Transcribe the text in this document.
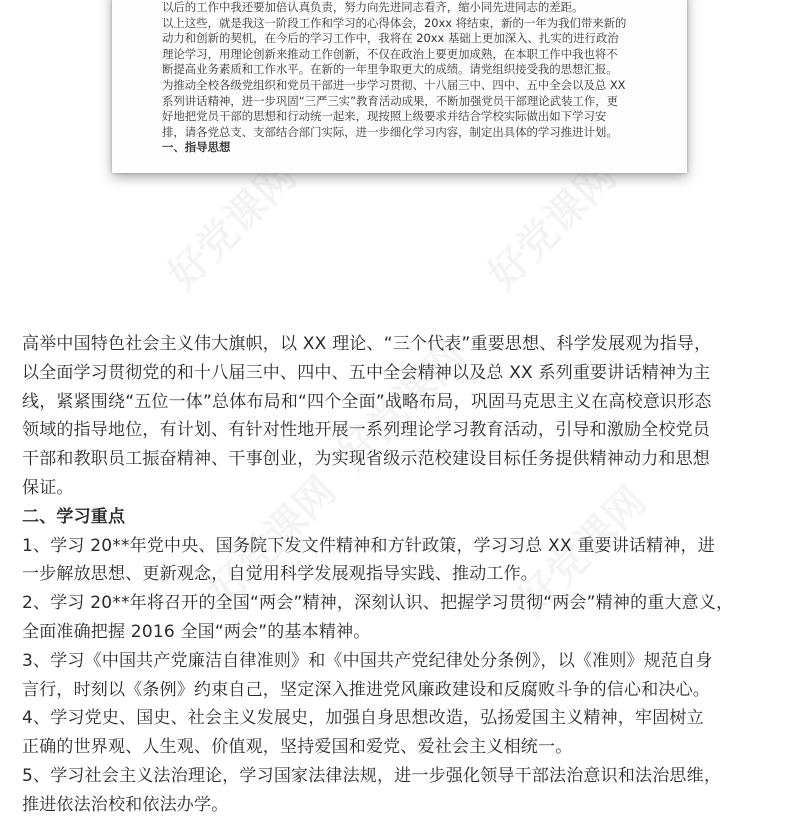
好党课网	好党课网
好党课网
好党课网	好党课网
以后的工作中我还要加倍认真负责，努力向先进同志看齐，缩小同先进同志的差距。
以上这些，就是我这一阶段工作和学习的心得体会，20xx 将结束，新的一年为我们带来新的
动力和创新的契机，在今后的学习工作中，我将在 20xx 基础上更加深入、扎实的进行政治
理论学习，用理论创新来推动工作创新，不仅在政治上要更加成熟，在本职工作中我也将不
断提高业务素质和工作水平。在新的一年里争取更大的成绩。请党组织接受我的思想汇报。
为推动全校各级党组织和党员干部进一步学习贯彻、十八届三中、四中、五中全会以及总 XX
系列讲话精神，进一步巩固“三严三实”教育活动成果，不断加强党员干部理论武装工作，更
好地把党员干部的思想和行动统一起来，现按照上级要求并结合学校实际做出如下学习安
排，请各党总支、支部结合部门实际，进一步细化学习内容，制定出具体的学习推进计划。
一、指导思想
高举中国特色社会主义伟大旗帜，以 XX 理论、“三个代表”重要思想、科学发展观为指导，
以全面学习贯彻党的和十八届三中、四中、五中全会精神以及总 XX 系列重要讲话精神为主
线，紧紧围绕“五位一体”总体布局和“四个全面”战略布局，巩固马克思主义在高校意识形态
领域的指导地位，有计划、有针对性地开展一系列理论学习教育活动，引导和激励全校党员
干部和教职员工振奋精神、干事创业，为实现省级示范校建设目标任务提供精神动力和思想
保证。
二、学习重点
1、学习 20**年党中央、国务院下发文件精神和方针政策，学习习总 XX 重要讲话精神，进
一步解放思想、更新观念，自觉用科学发展观指导实践、推动工作。
2、学习 20**年将召开的全国“两会”精神，深刻认识、把握学习贯彻“两会”精神的重大意义，
全面准确把握 2016 全国“两会”的基本精神。
3、学习《中国共产党廉洁自律准则》和《中国共产党纪律处分条例》，以《准则》规范自身
言行，时刻以《条例》约束自己，坚定深入推进党风廉政建设和反腐败斗争的信心和决心。
4、学习党史、国史、社会主义发展史，加强自身思想改造，弘扬爱国主义精神，牢固树立
正确的世界观、人生观、价值观，坚持爱国和爱党、爱社会主义相统一。
5、学习社会主义法治理论，学习国家法律法规，进一步强化领导干部法治意识和法治思维，
推进依法治校和依法办学。
